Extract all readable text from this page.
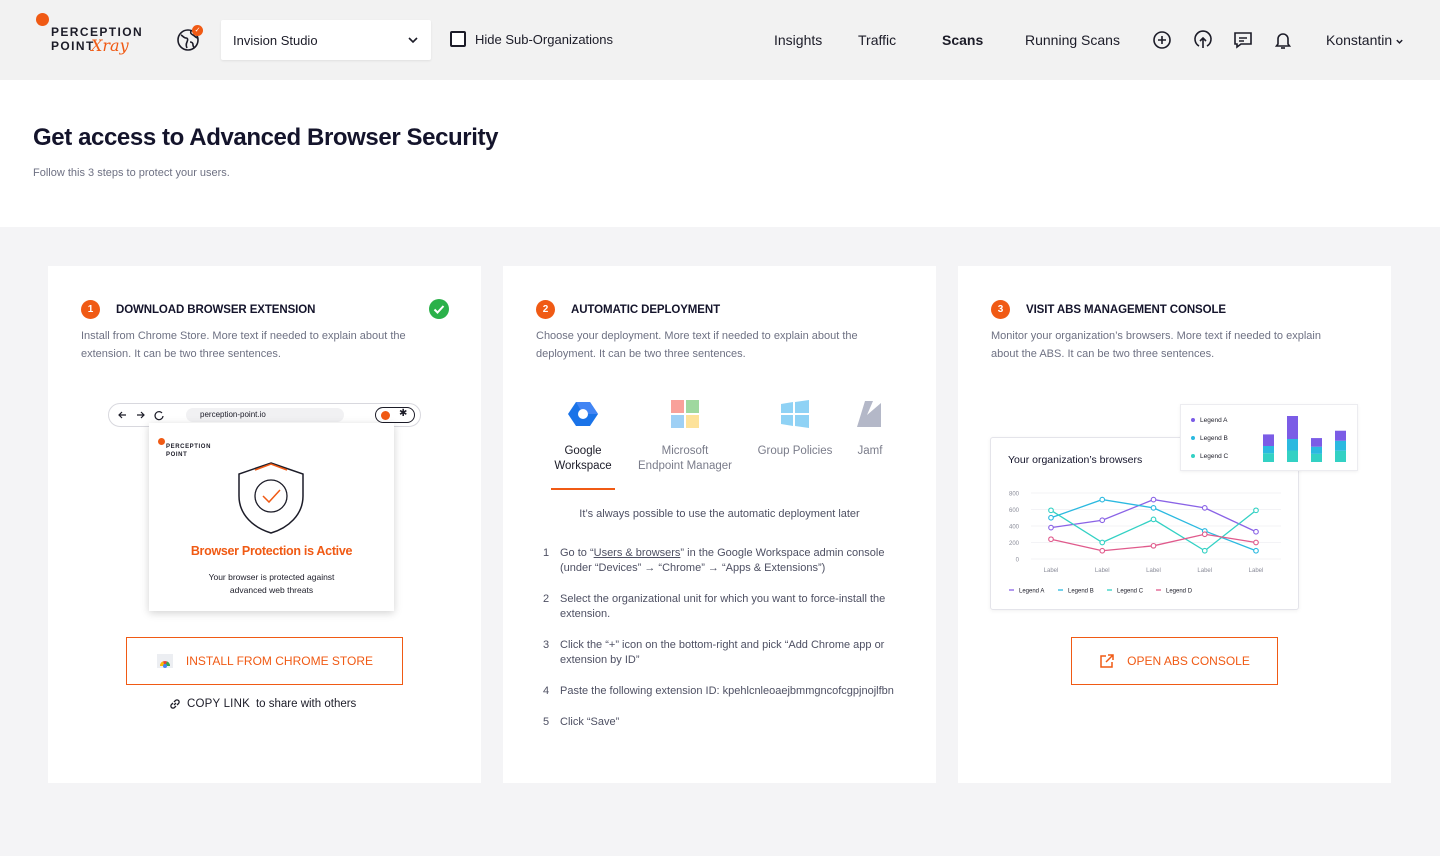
PERCEPTION
POINT
Xray
✓
Invision Studio	Hide Sub-Organizations	Insights	Traffic	Scans	Running Scans	Konstantin
Get access to Advanced Browser Security

Follow this 3 steps to protect your users.

1	DOWNLOAD BROWSER EXTENSION
Install from Chrome Store. More text if needed to explain about the extension. It can be two three sentences.
perception-point.io	✱
PERCEPTION
POINT
Browser Protection is Active
Your browser is protected against advanced web threats
INSTALL FROM CHROME STORE
COPY LINK to share with others
2	AUTOMATIC DEPLOYMENT
Choose your deployment. More text if needed to explain about the deployment. It can be two three sentences.
Google
Workspace
Microsoft
Endpoint Manager
Group Policies	Jamf
It’s always possible to use the automatic deployment later
1 Go to “Users & browsers” in the Google Workspace admin console (under “Devices” → “Chrome” → “Apps & Extensions”)
2 Select the organizational unit for which you want to force-install the extension.
3 Click the “+” icon on the bottom-right and pick “Add Chrome app or extension by ID”
4 Paste the following extension ID: kpehlcnleoaejbmmgncofcgpjnojlfbn
5 Click “Save”
3	VISIT ABS MANAGEMENT CONSOLE
Monitor your organization’s browsers. More text if needed to explain about the ABS. It can be two three sentences.
Your organization’s browsers
0
200
400
600
800
Label	Label	Label	Label	Label
Legend A	Legend B	Legend C	Legend D
Legend A
Legend B
Legend C
OPEN ABS CONSOLE
